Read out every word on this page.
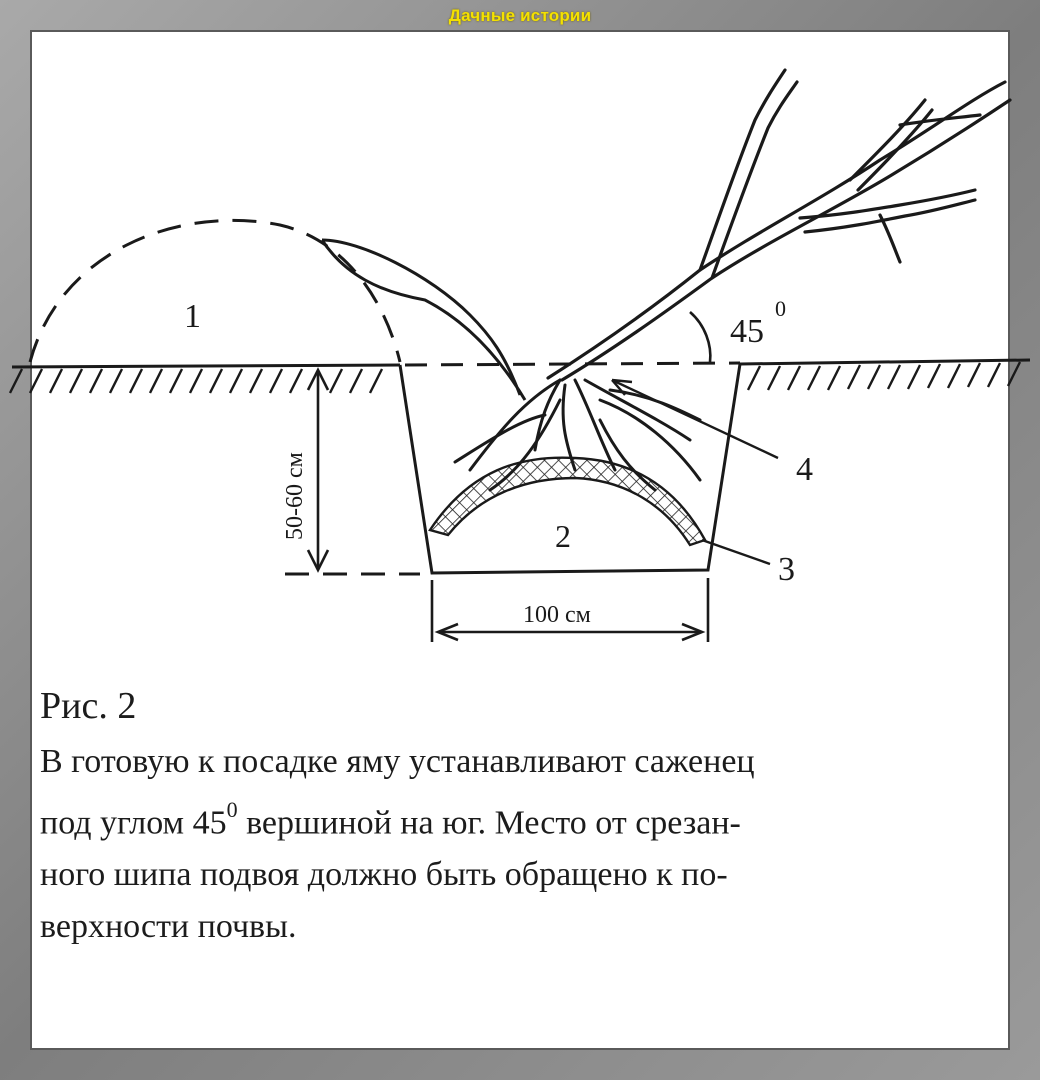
Дачные истории
50-60 см
100 см
1
2
3
4
45
0
Рис. 2
В готовую к посадке яму устанавливают саженец
под углом $45^0$ вершиной на юг. Место от срезан-
ного шипа подвоя должно быть обращено к по-
верхности почвы.
